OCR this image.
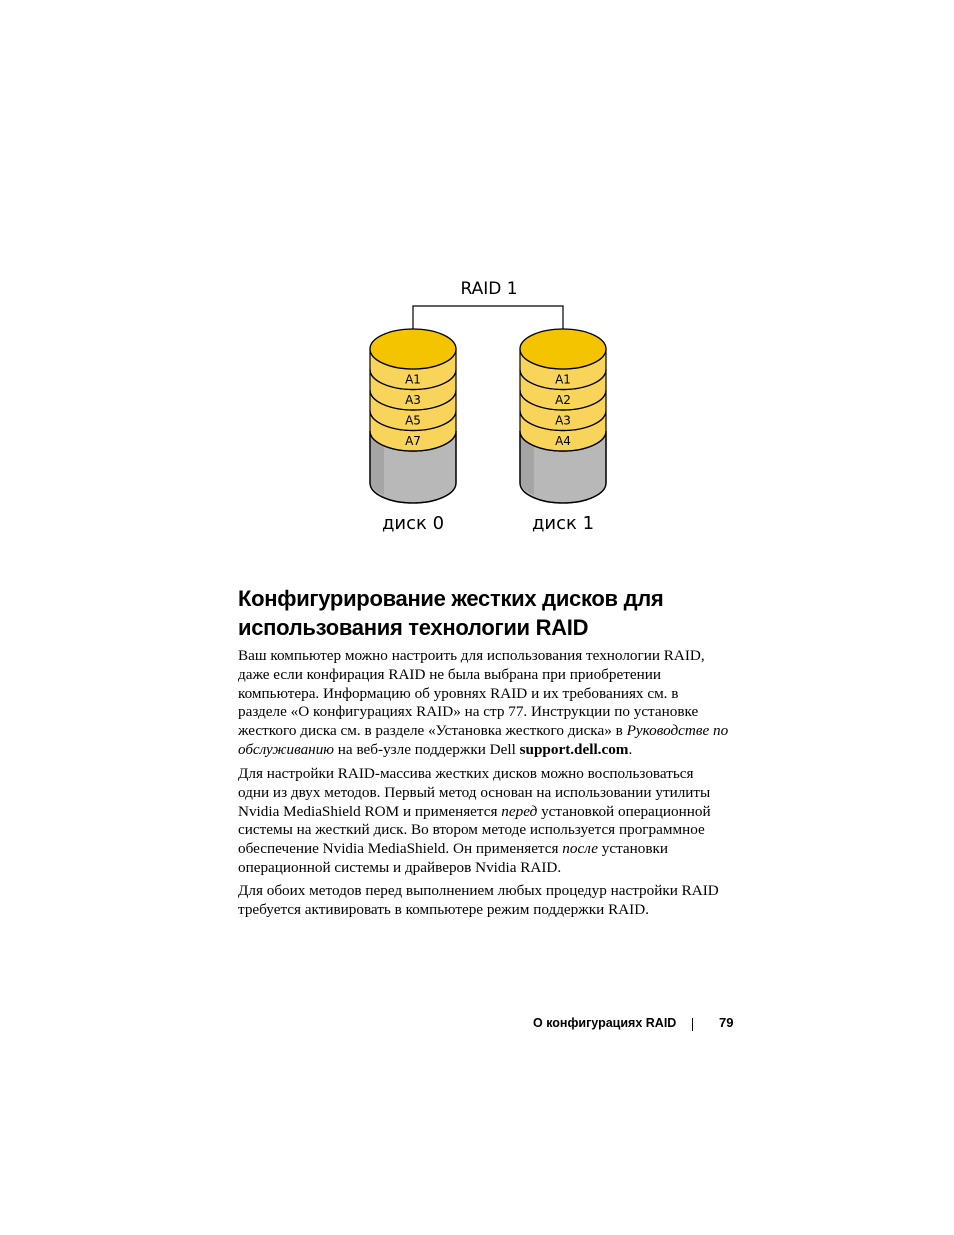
RAID 1
A7
A5
A3
A1
диск 0
A4
A3
A2
A1
диск 1
Конфигурирование жестких дисков для
использования технологии RAID

Ваш компьютер можно настроить для использования технологии RAID,
даже если конфирация RAID не была выбрана при приобретении
компьютера. Информацию об уровнях RAID и их требованиях см. в
разделе «О конфигурациях RAID» на стр 77. Инструкции по установке
жесткого диска см. в разделе «Установка жесткого диска» в Руководстве по
обслуживанию на веб-узле поддержки Dell support.dell.com.

Для настройки RAID-массива жестких дисков можно воспользоваться
одни из двух методов. Первый метод основан на использовании утилиты
Nvidia MediaShield ROM и применяется перед установкой операционной
системы на жесткий диск. Во втором методе используется программное
обеспечение Nvidia MediaShield. Он применяется после установки
операционной системы и драйверов Nvidia RAID.

Для обоих методов перед выполнением любых процедур настройки RAID
требуется активировать в компьютере режим поддержки RAID.

О конфигурациях RAID	79
